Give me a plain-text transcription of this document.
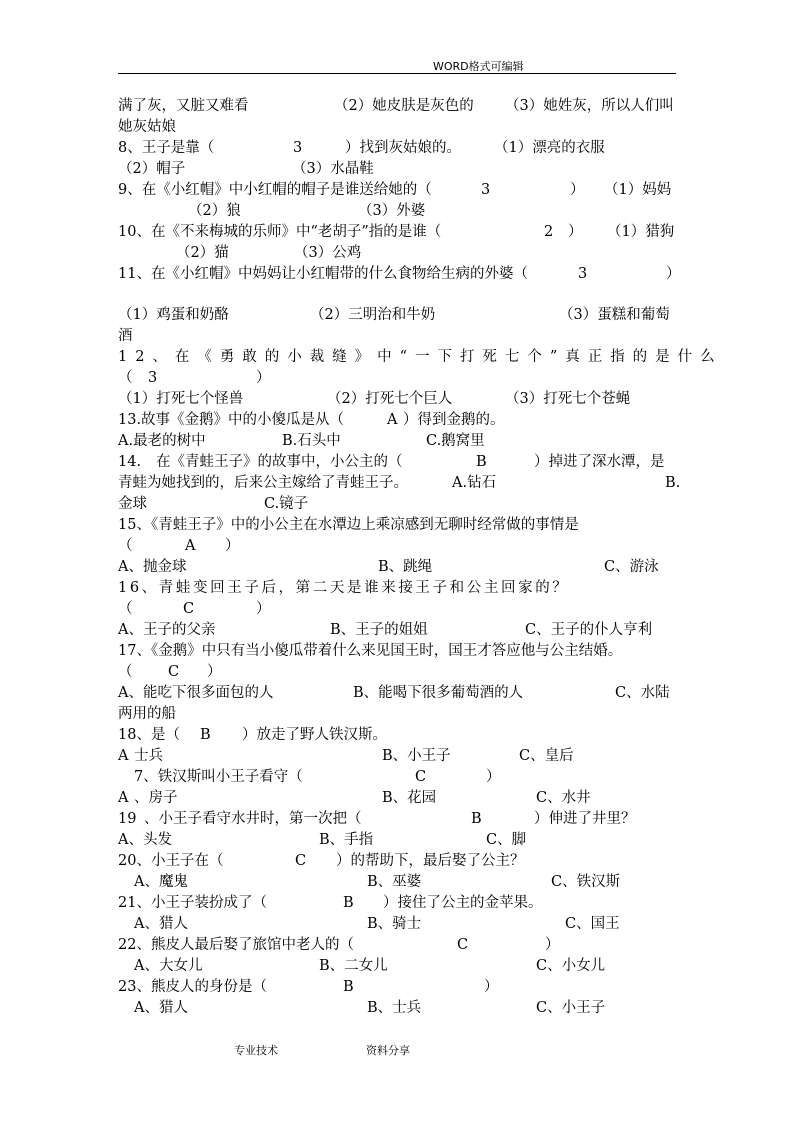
WORD格式可编辑
满了灰，又脏又难看	（2）她皮肤是灰色的 （3）她姓灰，所以人们叫
她灰姑娘
8、王子是靠（	3	）找到灰姑娘的。 （1）漂亮的衣服
（2）帽子	（3）水晶鞋
9、在《小红帽》中小红帽的帽子是谁送给她的（	3	） （1）妈妈
（2）狼	（3）外婆
10、在《不来梅城的乐师》中“老胡子”指的是谁（	2 ） （1）猎狗
（2）猫	（3）公鸡
11、在《小红帽》中妈妈让小红帽带的什么食物给生病的外婆（	3	）
（1）鸡蛋和奶酪	（2）三明治和牛奶	（3）蛋糕和葡萄
酒
12、在《勇敢的小裁缝》中“一下打死七个”真正指的是什么
（ 3	）
（1）打死七个怪兽	（2）打死七个巨人	（3）打死七个苍蝇
13.故事《金鹅》中的小傻瓜是从（	A ）得到金鹅的。
A.最老的树中	B.石头中	C.鹅窝里
14. 在《青蛙王子》的故事中，小公主的（	B	）掉进了深水潭，是
青蛙为她找到的，后来公主嫁给了青蛙王子。	A.钻石	B.
金球	C.镜子
15、《青蛙王子》中的小公主在水潭边上乘凉感到无聊时经常做的事情是
（	A ）
A、抛金球	B、跳绳	C、游泳
16、青蛙变回王子后，第二天是谁来接王子和公主回家的？
（	C	）
A、王子的父亲	B、王子的姐姐	C、王子的仆人亨利
17、《金鹅》中只有当小傻瓜带着什么来见国王时，国王才答应他与公主结婚。
（ C ）
A、能吃下很多面包的人	B、能喝下很多葡萄酒的人	C、水陆
两用的船
18、是（ B ）放走了野人铁汉斯。
A 士兵	B、小王子	C、皇后
7、铁汉斯叫小王子看守（	C	）
A 、房子	B、花园	C、水井
19 、小王子看守水井时，第一次把（	B	）伸进了井里？
A、头发	B、手指	C、脚
20、小王子在（	C ）的帮助下，最后娶了公主？
A、魔鬼	B、巫婆	C、铁汉斯
21、小王子装扮成了（	B ）接住了公主的金苹果。
A、猎人	B、骑士	C、国王
22、熊皮人最后娶了旅馆中老人的（	C	）
A、大女儿	B、二女儿	C、小女儿
23、熊皮人的身份是（	B	）
A、猎人	B、士兵	C、小王子
专业技术	资料分享
